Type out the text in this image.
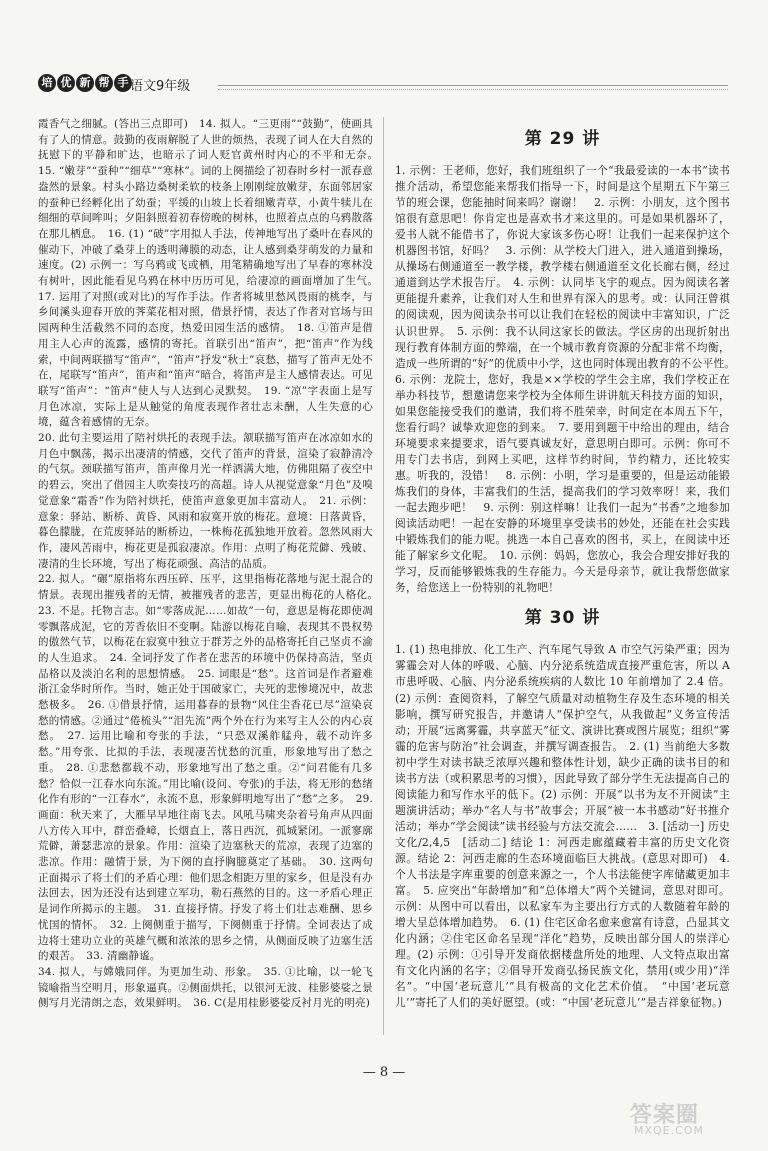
培 优 新 帮 手 语文9年级

霞香气之细腻。(答出三点即可)　14. 拟人。“三更雨”“鼓勤”，使画具有了人的情意。鼓勤的夜雨解脱了人世的烦热，表现了词人在大自然的抚慰下的平静和旷达，也暗示了词人贬官黄州时内心的不平和无奈。　15. “嫩芽”“蚕种”“细草”“寒林”。词的上阕描绘了初春时乡村一派春意盎然的景象。村头小路边桑树柔软的枝条上刚刚绽放嫩芽，东面邻居家的蚕种已经孵化出了幼蚕；平缓的山坡上长着细嫩青草，小黄牛犊儿在细细的草间哞叫；夕阳斜照着初春傍晚的树林，也照着点点的乌鸦散落在那儿栖息。　16. (1) “破”字用拟人手法，传神地写出了桑叶在春风的催动下，冲破了桑芽上的透明薄膜的动态，让人感到桑芽萌发的力量和速度。(2) 示例一：写乌鸦或飞或栖，用笔精确地写出了早春的寒林没有树叶，因此能看见乌鸦在林中历历可见，给凄凉的画面增加了生气。　17. 运用了对照(或对比)的写作手法。作者将城里愁风畏雨的桃李，与乡间溪头迎春开放的荠菜花相对照，借景抒情，表达了作者对官场与田园两种生活截然不同的态度，热爱田园生活的感情。　18. ①笛声是借用主人心声的流露，感情的寄托。首联引出“笛声”，把“笛声”作为线索，中间两联描写“笛声”，“笛声”抒发“秋士”哀愁，描写了笛声无处不在，尾联写“笛声”，笛声和“笛声”暗合，将笛声是主人感情表达。可见联写“笛声”：“笛声”使人与人达到心灵默契。　19. “凉”字表面上是写月色冰凉，实际上是从触觉的角度表现作者壮志未酬，人生失意的心境，蕴含着感情的无奈。

20. 此句主要运用了陪衬烘托的表现手法。颔联描写笛声在冰凉如水的月色中飘荡，揭示出凄清的情感，交代了笛声的背景，渲染了寂静清冷的气氛。颈联描写笛声，笛声像月光一样洒满大地，仿佛阻隔了夜空中的碧云，突出了借园主人吹奏技巧的高超。诗人从视觉意象“月色”及嗅觉意象“霜香”作为陪衬烘托，使笛声意象更加丰富动人。　21. 示例：意象：驿站、断桥、黄昏、风雨和寂寞开放的梅花。意境：日落黄昏，暮色朦胧，在荒废驿站的断桥边，一株梅花孤独地开放着。忽然风雨大作，凄风苦雨中，梅花更是孤寂凄凉。作用：点明了梅花荒僻、残破、凄清的生长环境，写出了梅花顽强、高洁的品质。

22. 拟人。“碾”原指将东西压碎、压平，这里指梅花落地与泥土混合的情景。表现出摧残者的无情，被摧残者的悲苦，更显出梅花的人格化。　23. 不是。托物言志。如“零落成泥……如故”一句，意思是梅花即使凋零飘落成泥，它的芳香依旧不变啊。陆游以梅花自喻，表现其不畏权势的傲然气节，以梅花在寂寞中独立于群芳之外的品格寄托自己坚贞不渝的人生追求。　24. 全词抒发了作者在悲苦的环境中仍保持高洁，坚贞品格以及淡泊名利的思想情感。　25. 词眼是“愁”。这首词是作者避难浙江金华时所作。当时，她正处于国破家亡，夫死的悲惨境况中，故悲愁极多。　26. ①借景抒情，运用暮春的景物“风住尘香花已尽”渲染哀愁的情感。②通过“倦梳头”“泪先流”两个外在行为来写主人公的内心哀愁。　27. 运用比喻和夸张的手法，“只恐双溪舴艋舟，载不动许多愁。”用夸张、比拟的手法，表现凄苦忧愁的沉重，形象地写出了愁之重。　28. ①悲愁都载不动，形象地写出了愁之重。②“问君能有几多愁？恰似一江春水向东流。”用比喻(设问、夸张)的手法，将无形的愁绪化作有形的“一江春水”，永流不息，形象鲜明地写出了“愁”之多。　29. 画面：秋天来了，大雁早早地往南飞去。风吼马啸夹杂着号角声从四面八方传入耳中，群峦叠嶂，长烟直上，落日西沉，孤城紧闭。一派寥廓荒僻，萧瑟悲凉的景象。作用：渲染了边塞秋天的荒凉，表现了边塞的悲凉。作用：融情于景，为下阕的直抒胸臆奠定了基础。　30. 这两句正面揭示了将士们的矛盾心理：他们思念相距万里的家乡，但是没有办法回去，因为还没有达到建立军功，勒石燕然的目的。这一矛盾心理正是词作所揭示的主题。　31. 直接抒情。抒发了将士们壮志难酬、思乡忧国的情怀。　32. 上阕侧重于描写，下阕侧重于抒情。全词表达了成边将士建功立业的英雄气概和浓浓的思乡之情，从侧面反映了边塞生活的艰苦。　33. 清幽静谧。

34. 拟人，与嫦娥同伴。为更加生动、形象。　35. ①比喻，以一轮飞镜喻指当空明月，形象逼真。②侧面烘托，以银河无波、桂影婆娑之景侧写月光清朗之态，效果鲜明。　36. C(是用桂影婆娑反衬月光的明亮)

第 29 讲

1. 示例：王老师，您好，我们班组织了一个“我最爱读的一本书”读书推介活动，希望您能来帮我们指导一下，时间是这个星期五下午第三节的班会课，您能抽时间来吗？谢谢！　2. 示例：小朋友，这个图书馆很有意思吧！你肯定也是喜欢书才来这里的。可是如果机器坏了，爱书人就不能借书了，你说大家该多伤心呀！让我们一起来保护这个机器图书馆，好吗？　3. 示例：从学校大门进入，进入通道到操场，从操场右侧通道至一教学楼，教学楼右侧通道至文化长廊右侧，经过通道到达学术报告厅。　4. 示例：认同毕飞宇的观点。因为阅读名著更能提升素养，让我们对人生和世界有深入的思考。或：认同汪曾祺的阅读观，因为阅读杂书可以让我们在轻松的阅读中丰富知识，广泛认识世界。　5. 示例：我不认同这家长的做法。学区房的出现折射出现行教育体制方面的弊端，在一个城市教育资源的分配非常不均衡，造成一些所谓的“好”的优质中小学，这也同时体现出教育的不公平性。　6. 示例：龙院士，您好，我是××学校的学生会主席，我们学校正在举办科技节，想邀请您来学校为全体师生讲讲航天科技方面的知识，如果您能接受我们的邀请，我们将不胜荣幸，时间定在本周五下午，您看行吗？诚挚欢迎您的到来。　7. 要用到题干中给出的理由，结合环境要求来提要求，语气要真诚友好，意思明白即可。示例：你可不用专门去书店，到网上买吧，这样节约时间，节约精力，还比较实惠。听我的，没错！　8. 示例：小明，学习是重要的，但是运动能锻炼我们的身体，丰富我们的生活，提高我们的学习效率呀！来，我们一起去跑步吧！　9. 示例：别这样嘛！让我们一起为“书香”之地参加阅读活动吧！一起在安静的环境里享受读书的妙处，还能在社会实践中锻炼我们的能力呢。挑选一本自己喜欢的图书，买上，在阅读中还能了解家乡文化呢。　10. 示例：妈妈，您放心，我会合理安排好我的学习，反而能够锻炼我的生存能力。今天是母亲节，就让我帮您做家务，给您送上一份特别的礼物吧！

第 30 讲

1. (1) 热电排放、化工生产、汽车尾气导致 A 市空气污染严重；因为雾霾会对人体的呼吸、心脑、内分泌系统造成直接严重危害，所以 A 市患呼吸、心脑、内分泌系统疾病的人数比 10 年前增加了 2.4 倍。(2) 示例：查阅资料，了解空气质量对动植物生存及生态环境的相关影响，撰写研究报告，并邀请人“保护空气，从我做起”义务宣传活动；开展“远离雾霾，共享蓝天”征文、演讲比赛或图片展览；组织“雾霾的危害与防治”社会调查，并撰写调查报告。　2. (1) 当前绝大多数初中学生对读书缺乏浓厚兴趣和整体性计划，缺少正确的读书目的和读书方法（或积累思考的习惯），因此导致了部分学生无法提高自己的阅读能力和写作水平的低下。(2) 示例：开展“以书为友不开阅读”主题演讲活动；举办“名人与书”故事会；开展“被一本书感动”好书推介活动；举办“学会阅读”读书经验与方法交流会……　3. [活动一] 历史文化/2,4,5　[活动二] 结论 1：河西走廊蕴藏着丰富的历史文化资源。结论 2：河西走廊的生态环境面临巨大挑战。(意思对即可)　4. 个人书法是字库重要的创意来源之一，个人书法能使字库储藏更加丰富。　5. 应突出“年龄增加”和“总体增大”两个关键词，意思对即可。示例：从图中可以看出，以私家车为主要出行方式的人数随着年龄的增大呈总体增加趋势。　6. (1) 住宅区命名愈来愈富有诗意，凸显其文化内涵；②住宅区命名呈现“洋化”趋势，反映出部分国人的崇洋心理。(2) 示例：①引导开发商依据楼盘所处的地理、人文特点取出富有文化内涵的名字；②倡导开发商弘扬民族文化，禁用(或少用)“洋名”。“中国‘老玩意儿’”具有极高的文化艺术价值。　“中国‘老玩意儿’”寄托了人们的美好愿望。(或：“中国‘老玩意儿’”是吉祥象征物。)

— 8 —
答案圈
MXQE.COM
